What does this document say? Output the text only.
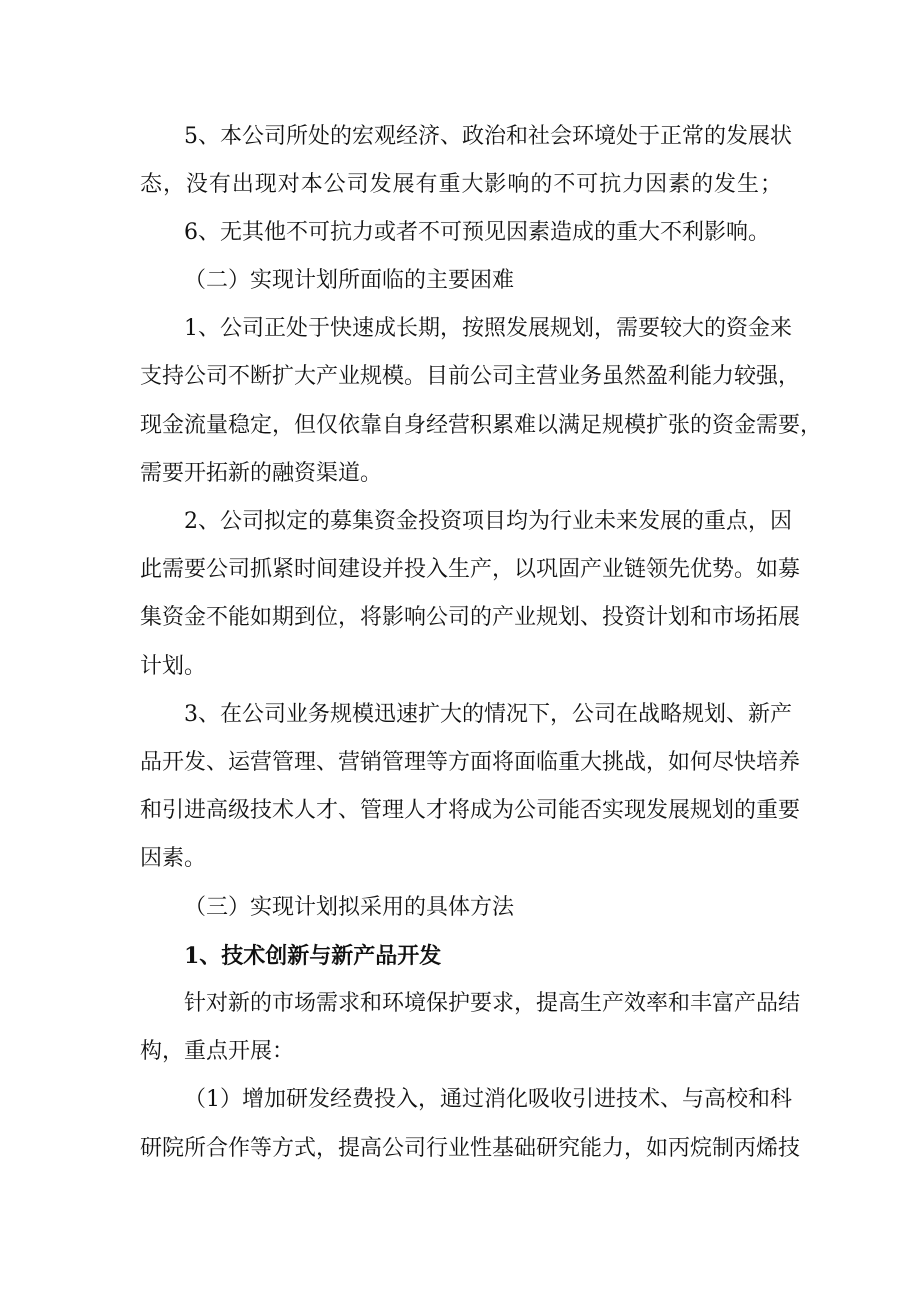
5、本公司所处的宏观经济、政治和社会环境处于正常的发展状
态，没有出现对本公司发展有重大影响的不可抗力因素的发生；
6、无其他不可抗力或者不可预见因素造成的重大不利影响。
（二）实现计划所面临的主要困难
1、公司正处于快速成长期，按照发展规划，需要较大的资金来
支持公司不断扩大产业规模。目前公司主营业务虽然盈利能力较强，
现金流量稳定，但仅依靠自身经营积累难以满足规模扩张的资金需要，
需要开拓新的融资渠道。
2、公司拟定的募集资金投资项目均为行业未来发展的重点，因
此需要公司抓紧时间建设并投入生产，以巩固产业链领先优势。如募
集资金不能如期到位，将影响公司的产业规划、投资计划和市场拓展
计划。
3、在公司业务规模迅速扩大的情况下，公司在战略规划、新产
品开发、运营管理、营销管理等方面将面临重大挑战，如何尽快培养
和引进高级技术人才、管理人才将成为公司能否实现发展规划的重要
因素。
（三）实现计划拟采用的具体方法
1、技术创新与新产品开发
针对新的市场需求和环境保护要求，提高生产效率和丰富产品结
构，重点开展：
（1）增加研发经费投入，通过消化吸收引进技术、与高校和科
研院所合作等方式，提高公司行业性基础研究能力，如丙烷制丙烯技
